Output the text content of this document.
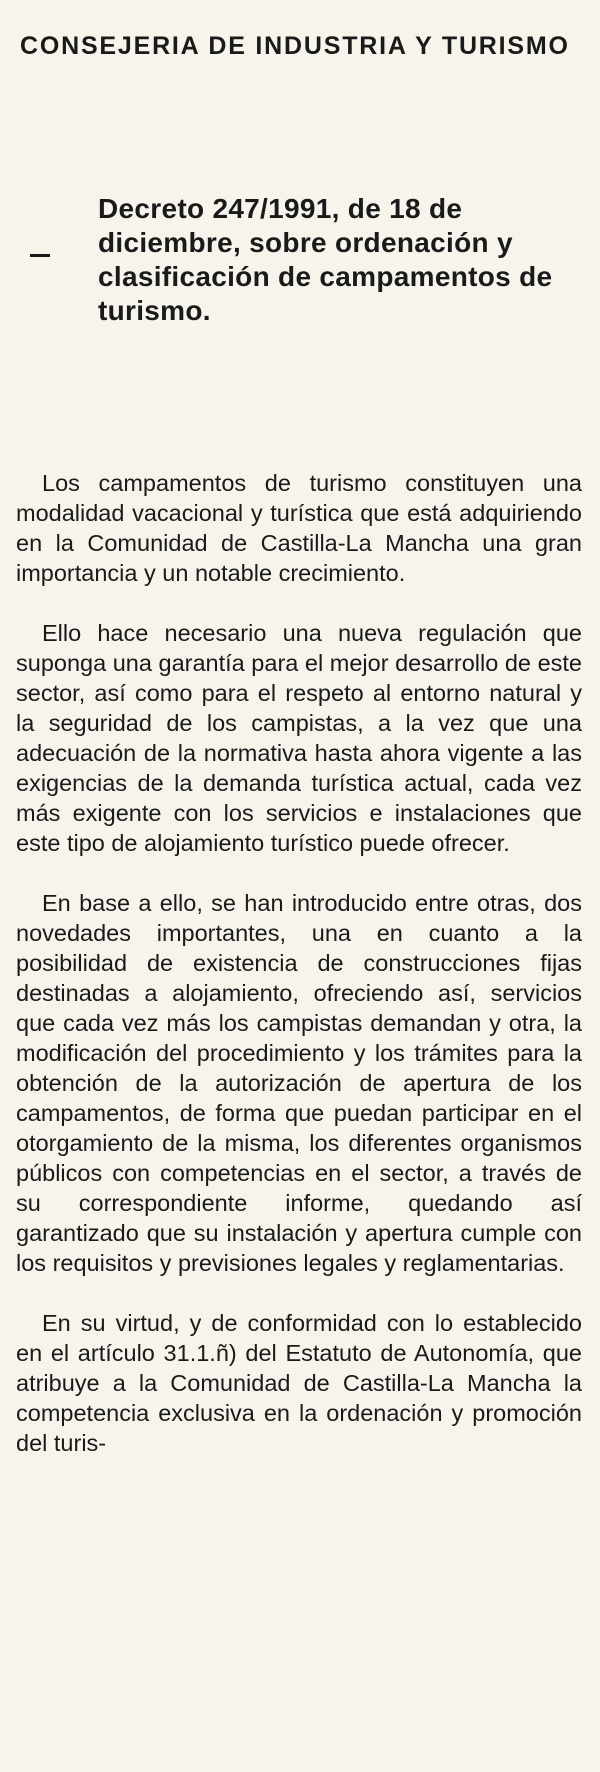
CONSEJERIA DE INDUSTRIA Y TURISMO
Decreto 247/1991, de 18 de diciembre, sobre ordenación y clasificación de campamentos de turismo.

Los campamentos de turismo constituyen una modalidad vacacional y turística que está adquiriendo en la Comunidad de Castilla-La Mancha una gran importancia y un notable crecimiento.

Ello hace necesario una nueva regulación que suponga una garantía para el mejor desarrollo de este sector, así como para el respeto al entorno natural y la seguridad de los campistas, a la vez que una adecuación de la normativa hasta ahora vigente a las exigencias de la demanda turística actual, cada vez más exigente con los servicios e instalaciones que este tipo de alojamiento turístico puede ofrecer.

En base a ello, se han introducido entre otras, dos novedades importantes, una en cuanto a la posibilidad de existencia de construcciones fijas destinadas a alojamiento, ofreciendo así, servicios que cada vez más los campistas demandan y otra, la modificación del procedimiento y los trámites para la obtención de la autorización de apertura de los campamentos, de forma que puedan participar en el otorgamiento de la misma, los diferentes organismos públicos con competencias en el sector, a través de su correspondiente informe, quedando así garantizado que su instalación y apertura cumple con los requisitos y previsiones legales y reglamentarias.

En su virtud, y de conformidad con lo establecido en el artículo 31.1.ñ) del Estatuto de Autonomía, que atribuye a la Comunidad de Castilla-La Mancha la competencia exclusiva en la ordenación y promoción del turis-
